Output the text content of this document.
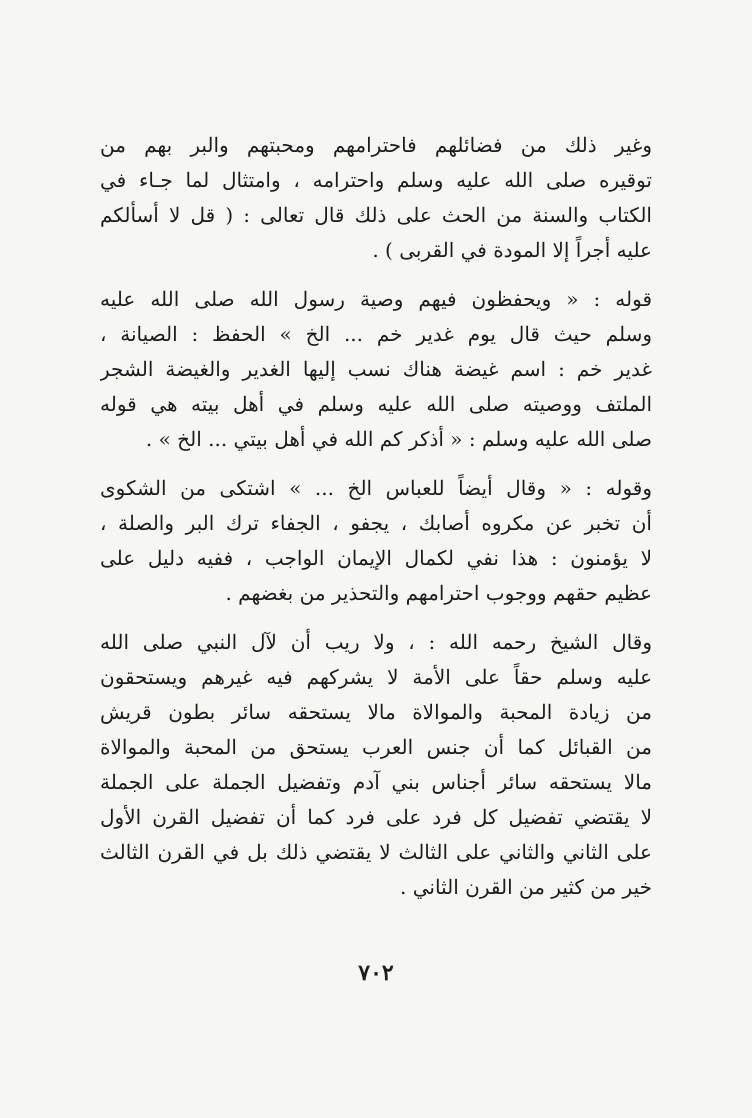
وغير ذلك من فضائلهم فاحترامهم ومحبتهم والبر بهم من
توقيره صلى الله عليه وسلم واحترامه ، وامتثال لما جـاء في
الكتاب والسنة من الحث على ذلك قال تعالى : ( قل لا أسألكم
عليه أجراً إلا المودة في القربى ) .
قوله : « ويحفظون فيهم وصية رسول الله صلى الله عليه
وسلم حيث قال يوم غدير خم ... الخ » الحفظ : الصيانة ،
غدير خم : اسم غيضة هناك نسب إليها الغدير والغيضة الشجر
الملتف ووصيته صلى الله عليه وسلم في أهل بيته هي قوله
صلى الله عليه وسلم : « أذكر كم الله في أهل بيتي ... الخ » .
وقوله : « وقال أيضاً للعباس الخ ... » اشتكى من الشكوى
أن تخبر عن مكروه أصابك ، يجفو ، الجفاء ترك البر والصلة ،
لا يؤمنون : هذا نفي لكمال الإيمان الواجب ، ففيه دليل على
عظيم حقهم ووجوب احترامهم والتحذير من بغضهم .
وقال الشيخ رحمه الله : ، ولا ريب أن لآل النبي صلى الله
عليه وسلم حقاً على الأمة لا يشركهم فيه غيرهم ويستحقون
من زيادة المحبة والموالاة مالا يستحقه سائر بطون قريش
من القبائل كما أن جنس العرب يستحق من المحبة والموالاة
مالا يستحقه سائر أجناس بني آدم وتفضيل الجملة على الجملة
لا يقتضي تفضيل كل فرد على فرد كما أن تفضيل القرن الأول
على الثاني والثاني على الثالث لا يقتضي ذلك بل في القرن الثالث
خير من كثير من القرن الثاني .
٧٠٢
